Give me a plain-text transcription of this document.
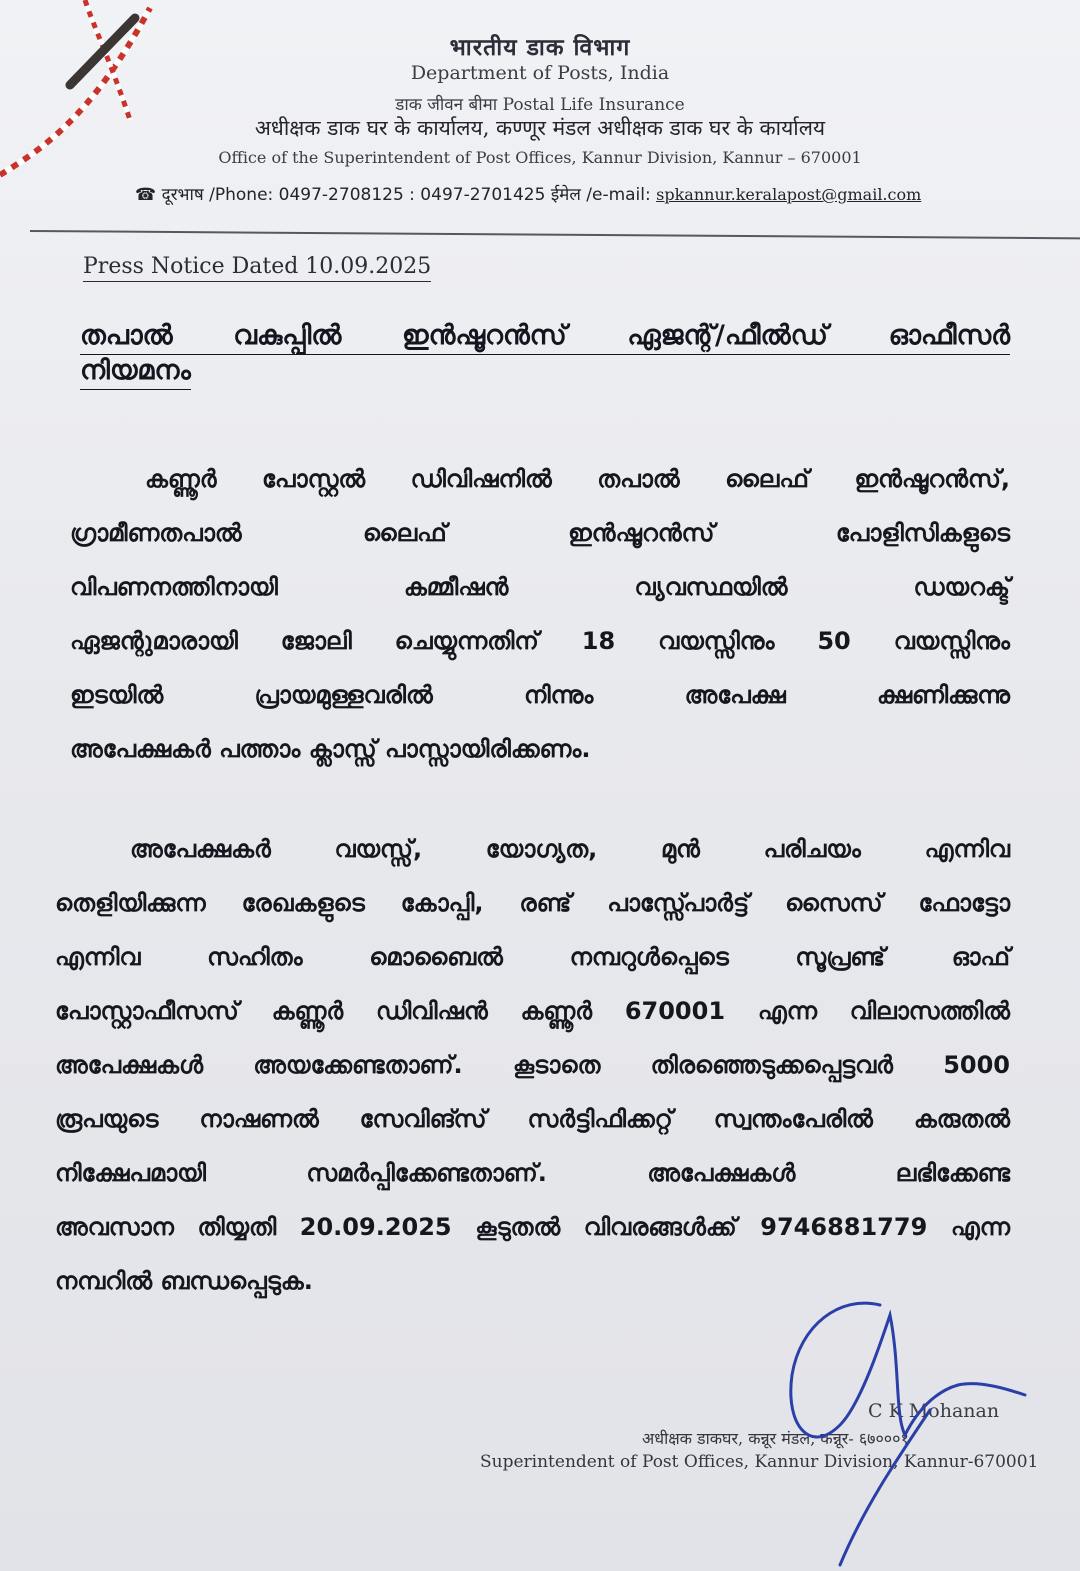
भारतीय डाक विभाग
Department of Posts, India
डाक जीवन बीमा Postal Life Insurance
अधीक्षक डाक घर के कार्यालय, कण्णूर मंडल अधीक्षक डाक घर के कार्यालय
Office of the Superintendent of Post Offices, Kannur Division, Kannur – 670001
☎ दूरभाष /Phone: 0497-2708125 : 0497-2701425 ईमेल /e-mail: spkannur.keralapost@gmail.com
Press Notice Dated 10.09.2025
തപാൽ വകുപ്പിൽ ഇൻഷൂറൻസ് ഏജന്റ്/ഫീൽഡ് ഓഫീസർ
നിയമനം
കണ്ണൂർ പോസ്റ്റൽ ഡിവിഷനിൽ തപാൽ ലൈഫ് ഇൻഷൂറൻസ്,
ഗ്രാമീണതപാൽ ലൈഫ് ഇൻഷൂറൻസ് പോളിസികളുടെ
വിപണനത്തിനായി കമ്മീഷൻ വ്യവസ്ഥയിൽ ഡയറക്ട്
ഏജന്റുമാരായി ജോലി ചെയ്യുന്നതിന് 18 വയസ്സിനും 50 വയസ്സിനും
ഇടയിൽ പ്രായമുള്ളവരിൽ നിന്നും അപേക്ഷ ക്ഷണിക്കുന്നു
അപേക്ഷകർ പത്താം ക്ലാസ്സ് പാസ്സായിരിക്കണം.
അപേക്ഷകർ വയസ്സ്, യോഗ്യത, മുൻ പരിചയം എന്നിവ
തെളിയിക്കുന്ന രേഖകളുടെ കോപ്പി, രണ്ട് പാസ്സ്പോർട്ട് സൈസ് ഫോട്ടോ
എന്നിവ സഹിതം മൊബൈൽ നമ്പറുൾപ്പെടെ സൂപ്രണ്ട് ഓഫ്
പോസ്റ്റാഫീസസ് കണ്ണൂർ ഡിവിഷൻ കണ്ണൂർ 670001 എന്ന വിലാസത്തിൽ
അപേക്ഷകൾ അയക്കേണ്ടതാണ്. കൂടാതെ തിരഞ്ഞെടുക്കപ്പെട്ടവർ 5000
രൂപയുടെ നാഷണൽ സേവിങ്സ് സർട്ടിഫിക്കറ്റ് സ്വന്തംപേരിൽ കരുതൽ
നിക്ഷേപമായി സമർപ്പിക്കേണ്ടതാണ്. അപേക്ഷകൾ ലഭിക്കേണ്ട
അവസാന തിയ്യതി 20.09.2025 കൂടുതൽ വിവരങ്ങൾക്ക് 9746881779 എന്ന
നമ്പറിൽ ബന്ധപ്പെടുക.
C K Mohanan
अधीक्षक डाकघर, कन्नूर मंडल, कन्नूर- ६७०००१
Superintendent of Post Offices, Kannur Division, Kannur-670001
